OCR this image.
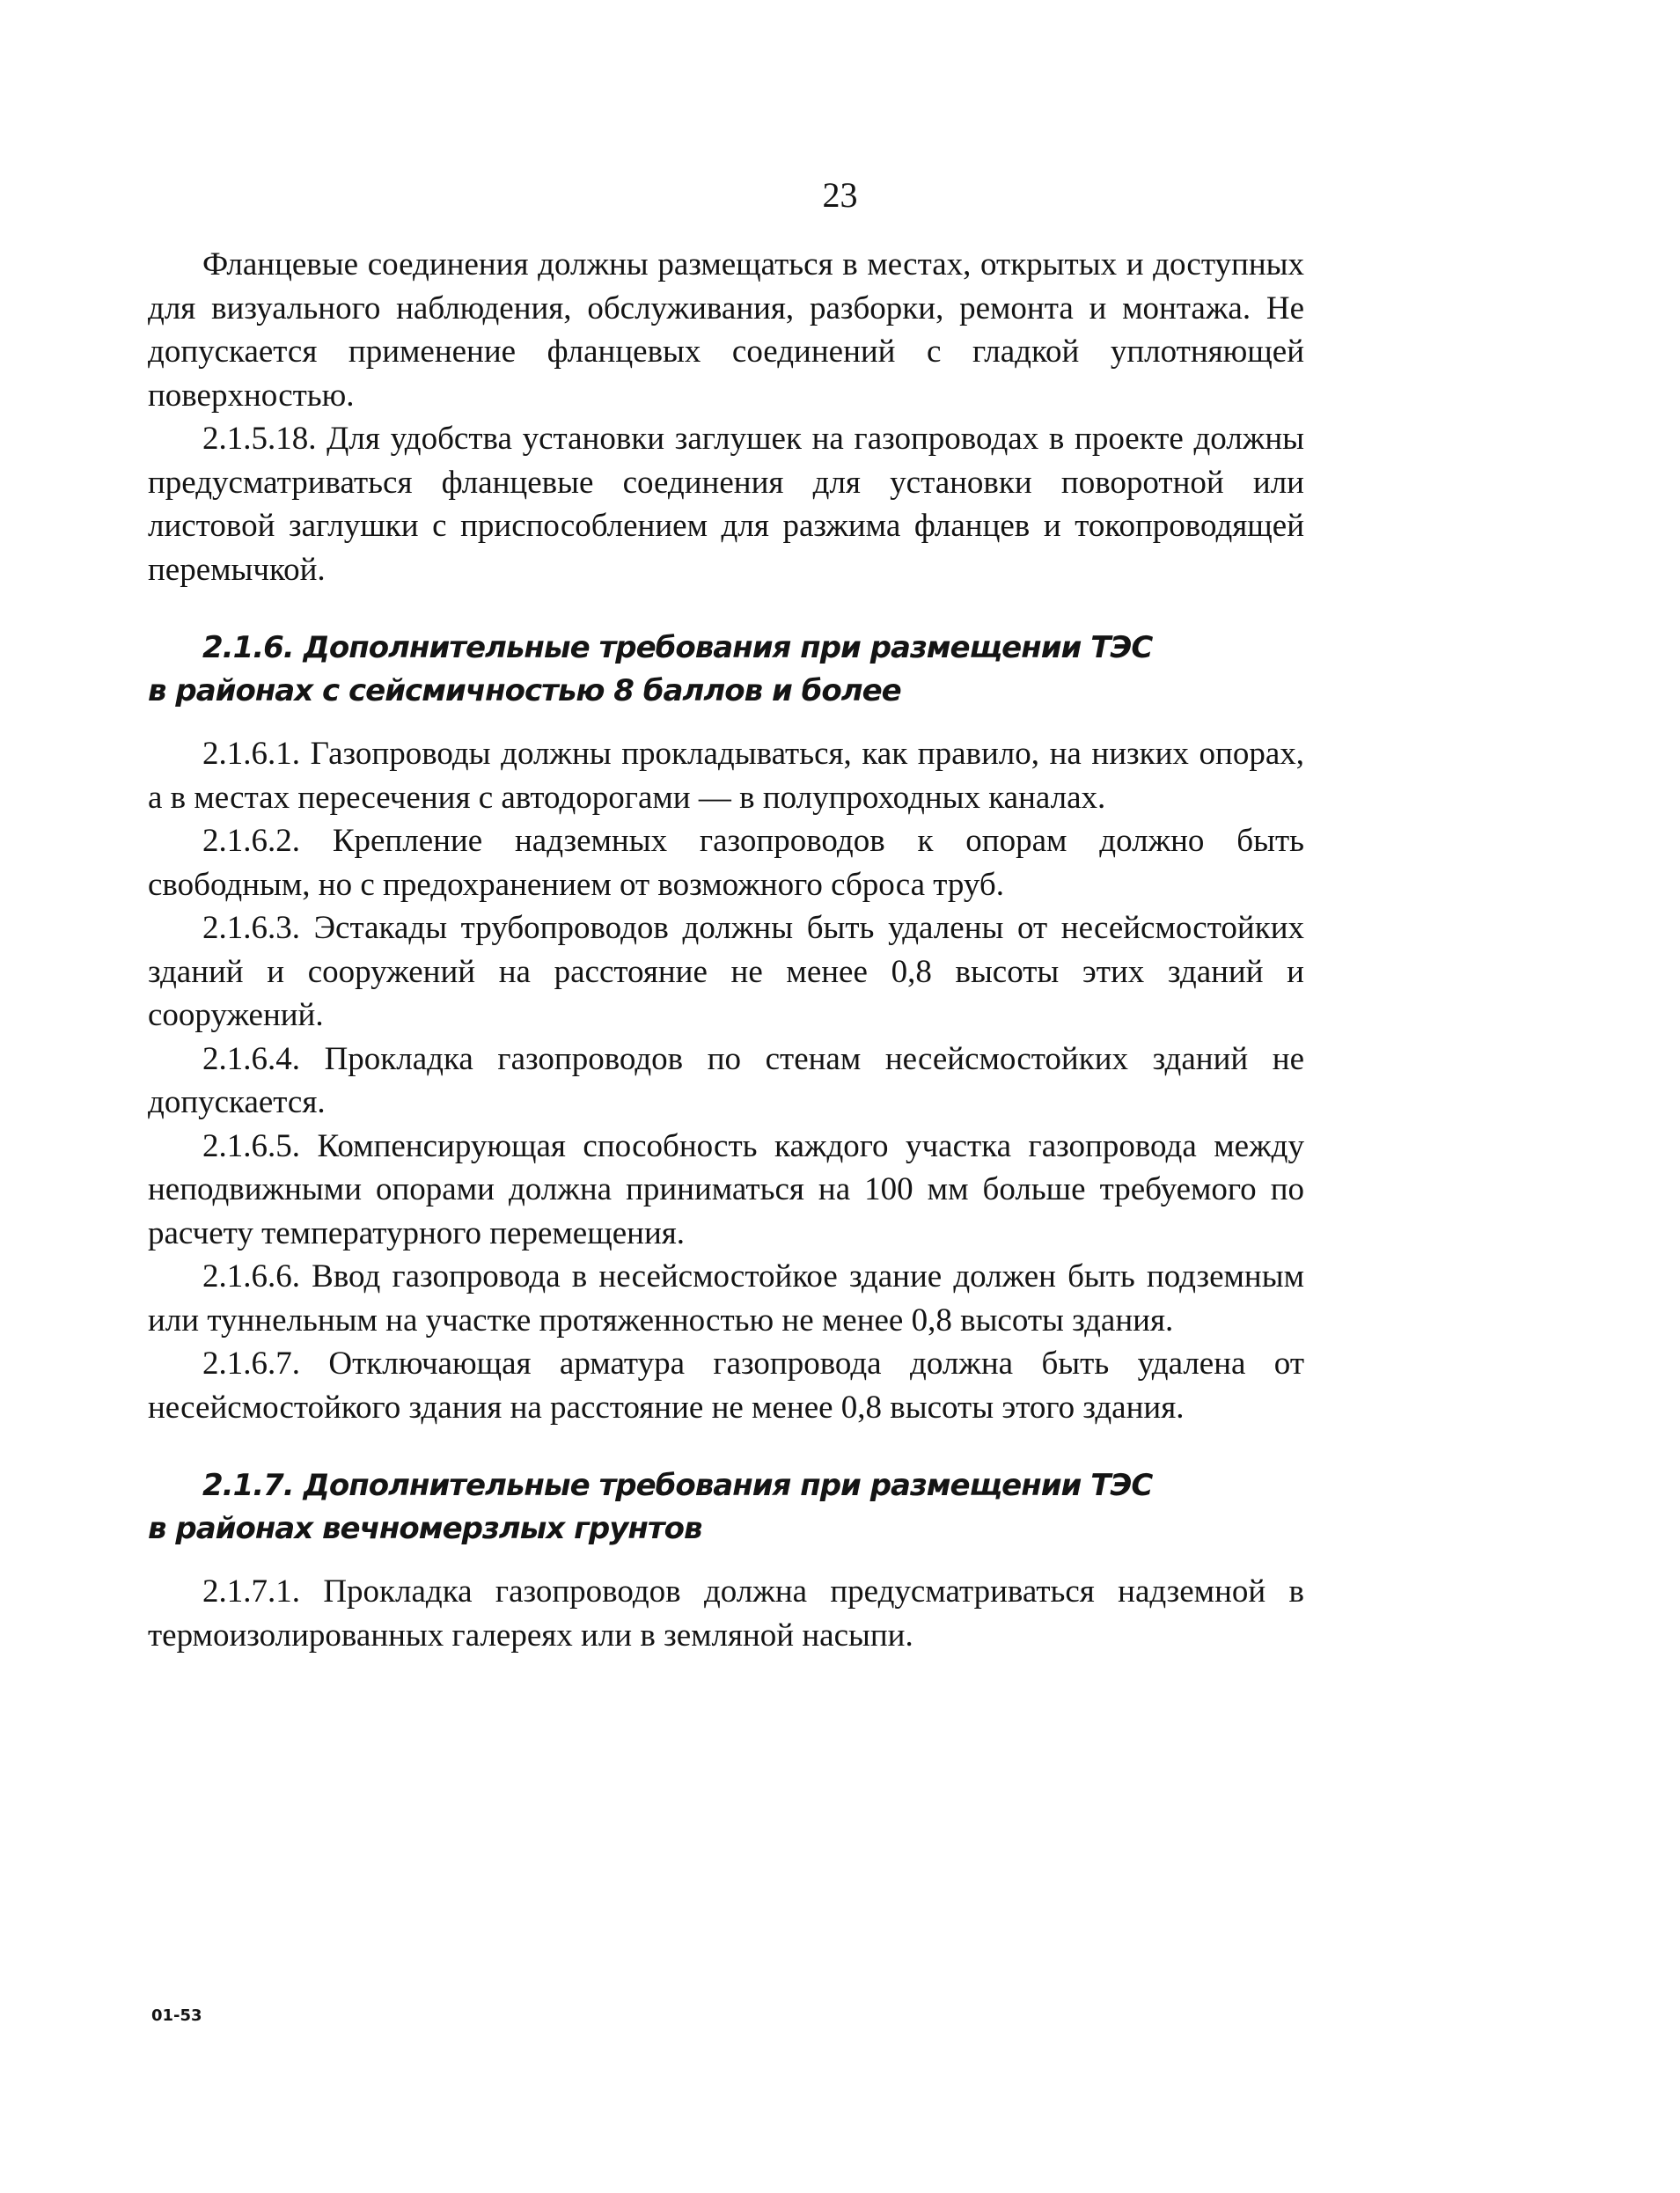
23

Фланцевые соединения должны размещаться в местах, открытых и доступных для визуального наблюдения, обслуживания, разборки, ремонта и монтажа. Не допускается применение фланцевых соединений с гладкой уплотняющей поверхностью.

2.1.5.18. Для удобства установки заглушек на газопроводах в проекте должны предусматриваться фланцевые соединения для установки поворотной или листовой заглушки с приспособлением для разжима фланцев и токопроводящей перемычкой.

2.1.6. Дополнительные требования при размещении ТЭС
в районах с сейсмичностью 8 баллов и более

2.1.6.1. Газопроводы должны прокладываться, как правило, на низких опорах, а в местах пересечения с автодорогами — в полупроходных каналах.

2.1.6.2. Крепление надземных газопроводов к опорам должно быть свободным, но с предохранением от возможного сброса труб.

2.1.6.3. Эстакады трубопроводов должны быть удалены от несейсмостойких зданий и сооружений на расстояние не менее 0,8 высоты этих зданий и сооружений.

2.1.6.4. Прокладка газопроводов по стенам несейсмостойких зданий не допускается.

2.1.6.5. Компенсирующая способность каждого участка газопровода между неподвижными опорами должна приниматься на 100 мм больше требуемого по расчету температурного перемещения.

2.1.6.6. Ввод газопровода в несейсмостойкое здание должен быть подземным или туннельным на участке протяженностью не менее 0,8 высоты здания.

2.1.6.7. Отключающая арматура газопровода должна быть удалена от несейсмостойкого здания на расстояние не менее 0,8 высоты этого здания.

2.1.7. Дополнительные требования при размещении ТЭС
в районах вечномерзлых грунтов

2.1.7.1. Прокладка газопроводов должна предусматриваться надземной в термоизолированных галереях или в земляной насыпи.

01-53
